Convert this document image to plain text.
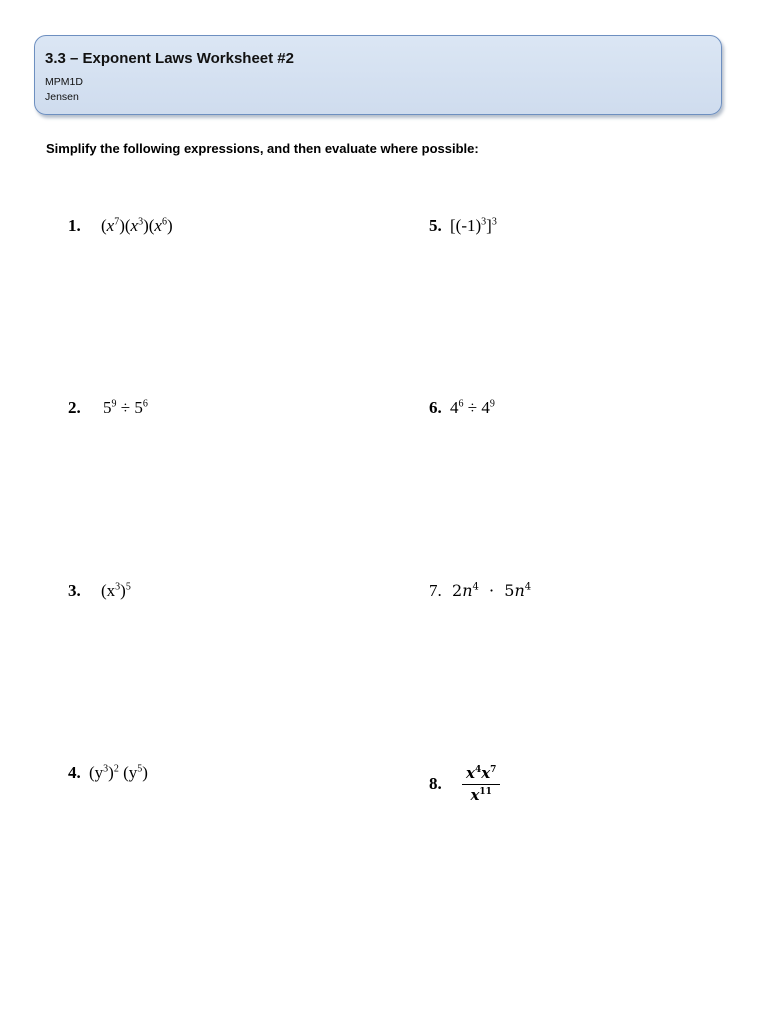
3.3 – Exponent Laws Worksheet #2
MPM1D
Jensen
Simplify the following expressions, and then evaluate where possible:
1. $(x^7)(x^3)(x^6)$
2. $5^9 \div 5^6$
3. $(x^3)^5$
4. $(y^3)^2$ $(y^5)$
5. $[(-1)^3]^3$
6. $4^6 \div 4^9$
7. $2n^4 \cdot 5n^4$
8. $\frac{x^4x^7}{x^{11}}$
